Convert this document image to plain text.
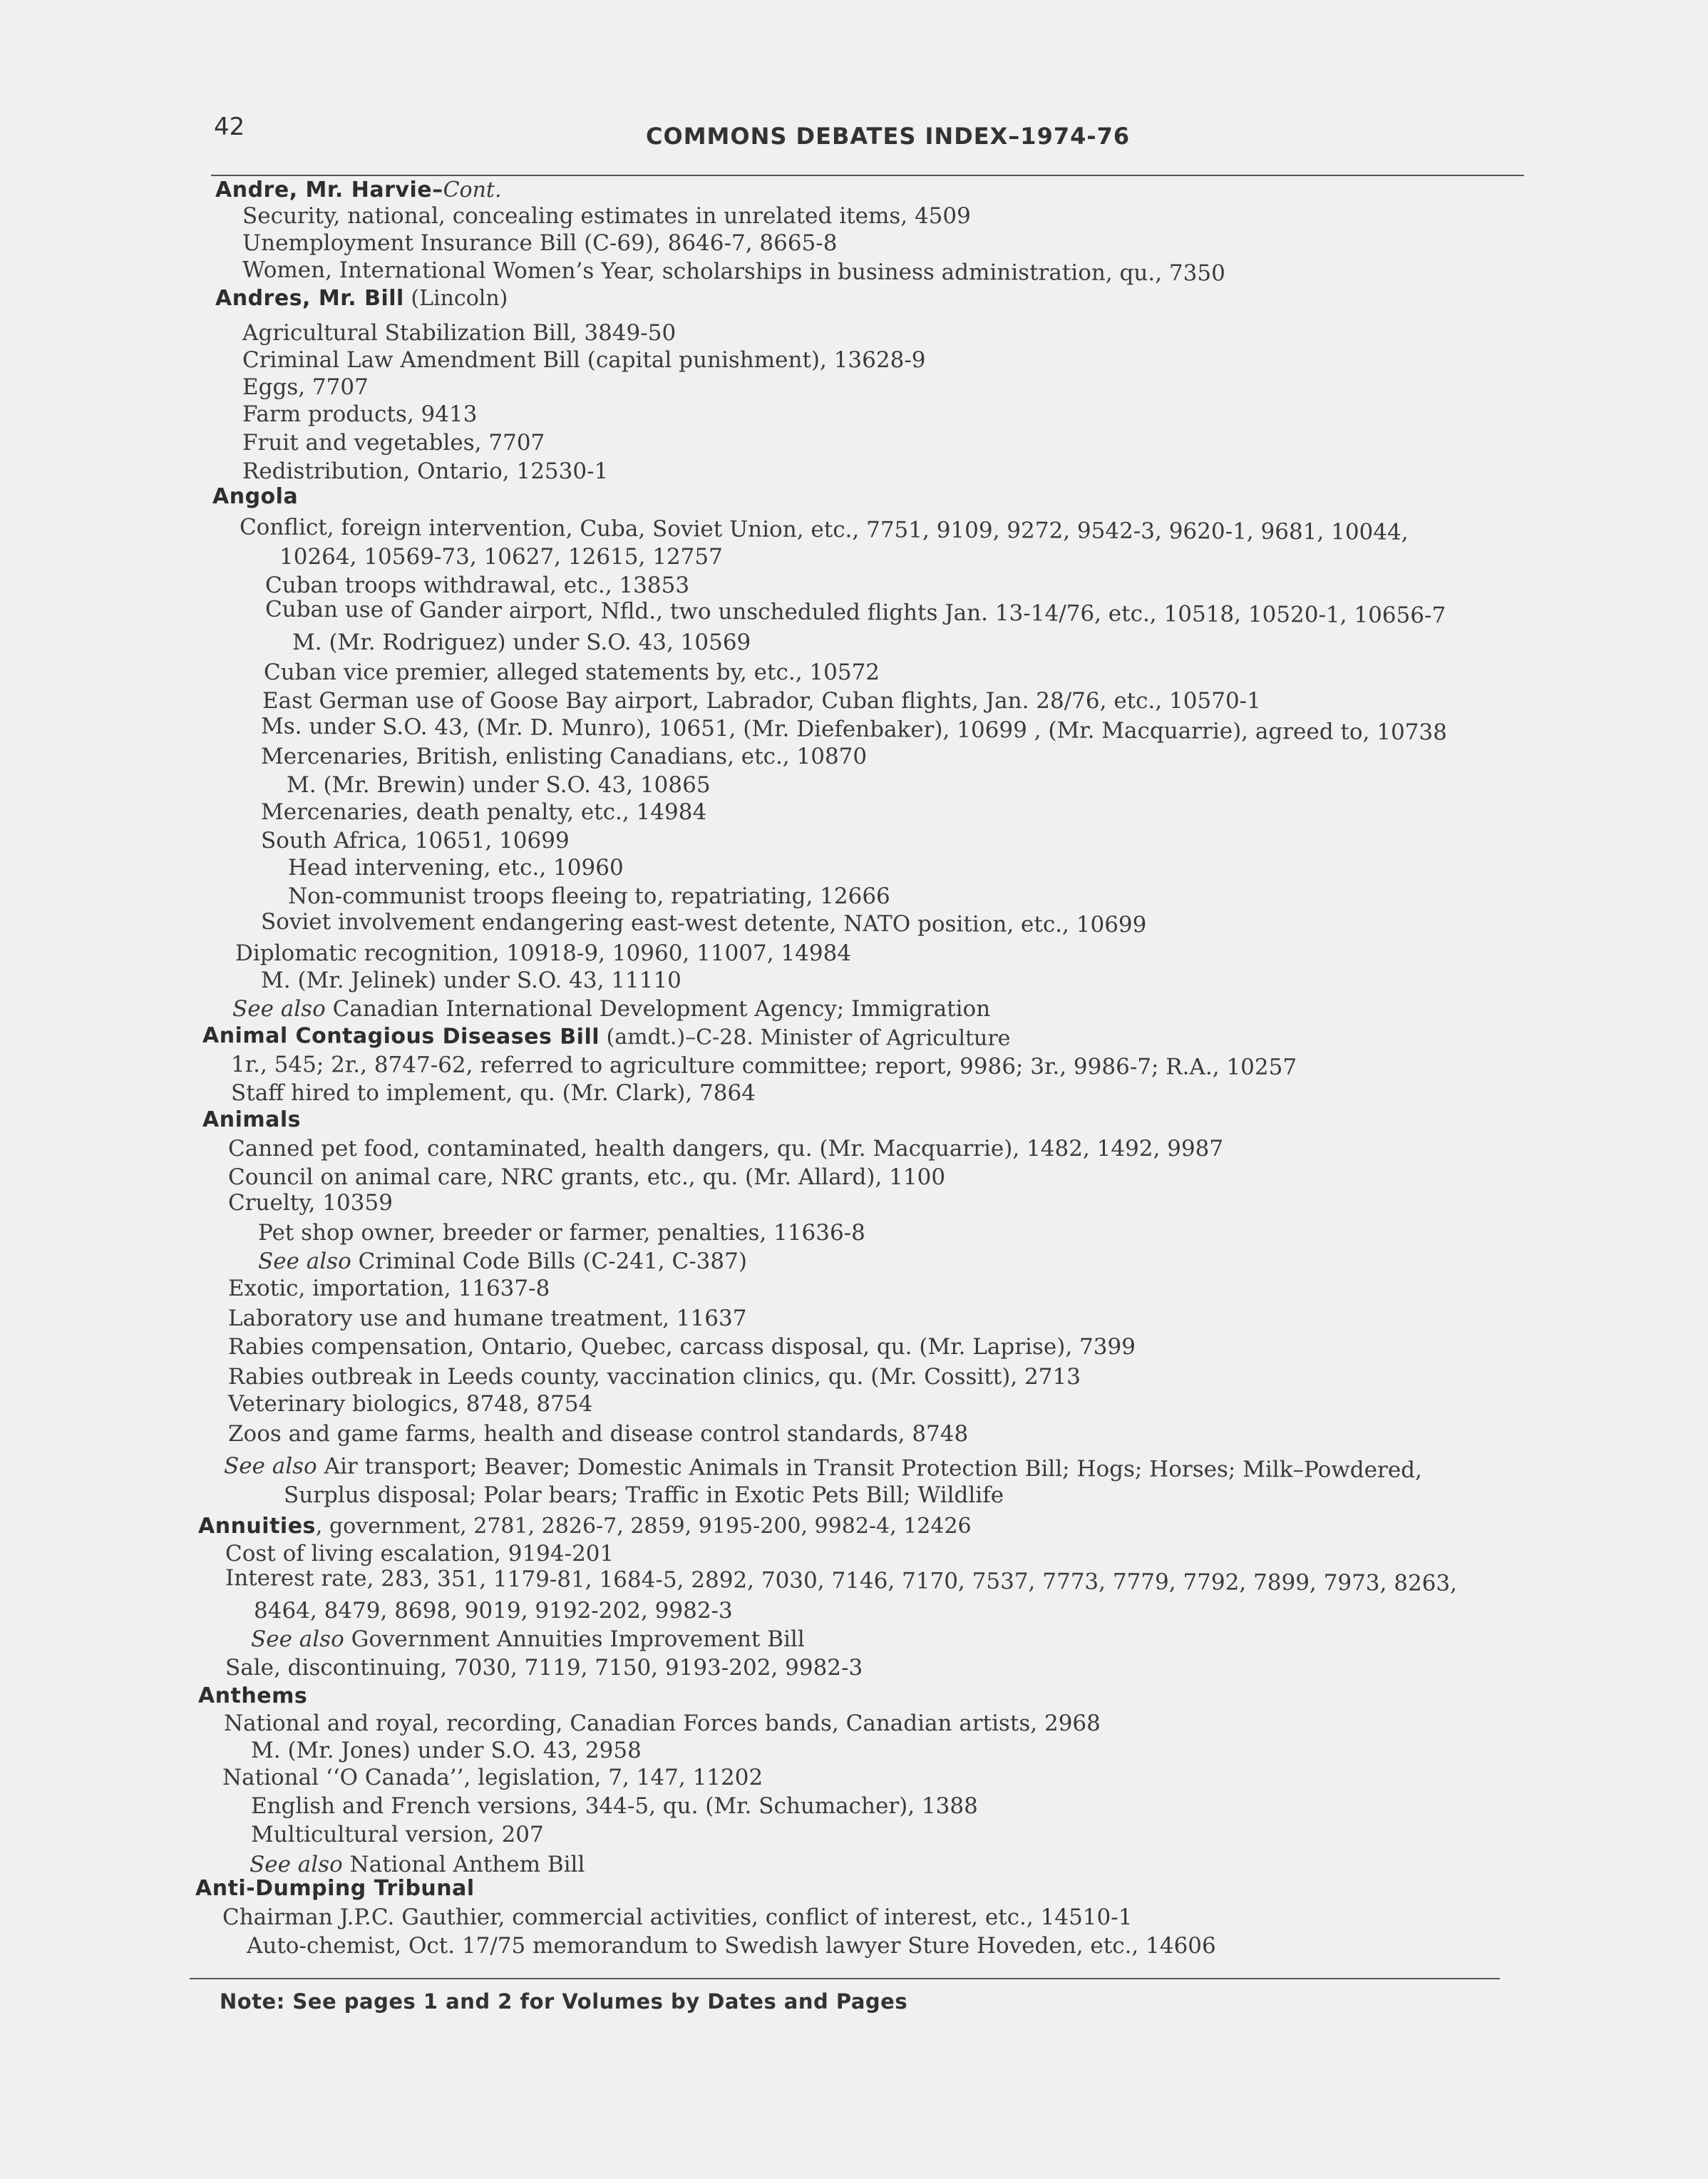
42	COMMONS DEBATES INDEX–1974-76
Andre, Mr. Harvie–Cont.
Security, national, concealing estimates in unrelated items, 4509
Unemployment Insurance Bill (C-69), 8646-7, 8665-8
Women, International Women’s Year, scholarships in business administration, qu., 7350
Andres, Mr. Bill (Lincoln)
Agricultural Stabilization Bill, 3849-50
Criminal Law Amendment Bill (capital punishment), 13628-9
Eggs, 7707
Farm products, 9413
Fruit and vegetables, 7707
Redistribution, Ontario, 12530-1
Angola
Conflict, foreign intervention, Cuba, Soviet Union, etc., 7751, 9109, 9272, 9542-3, 9620-1, 9681, 10044,
10264, 10569-73, 10627, 12615, 12757
Cuban troops withdrawal, etc., 13853
Cuban use of Gander airport, Nfld., two unscheduled flights Jan. 13-14/76, etc., 10518, 10520-1, 10656-7
M. (Mr. Rodriguez) under S.O. 43, 10569
Cuban vice premier, alleged statements by, etc., 10572
East German use of Goose Bay airport, Labrador, Cuban flights, Jan. 28/76, etc., 10570-1
Ms. under S.O. 43, (Mr. D. Munro), 10651, (Mr. Diefenbaker), 10699 , (Mr. Macquarrie), agreed to, 10738
Mercenaries, British, enlisting Canadians, etc., 10870
M. (Mr. Brewin) under S.O. 43, 10865
Mercenaries, death penalty, etc., 14984
South Africa, 10651, 10699
Head intervening, etc., 10960
Non-communist troops fleeing to, repatriating, 12666
Soviet involvement endangering east-west detente, NATO position, etc., 10699
Diplomatic recognition, 10918-9, 10960, 11007, 14984
M. (Mr. Jelinek) under S.O. 43, 11110
See also Canadian International Development Agency; Immigration
Animal Contagious Diseases Bill (amdt.)–C-28. Minister of Agriculture
1r., 545; 2r., 8747-62, referred to agriculture committee; report, 9986; 3r., 9986-7; R.A., 10257
Staff hired to implement, qu. (Mr. Clark), 7864
Animals
Canned pet food, contaminated, health dangers, qu. (Mr. Macquarrie), 1482, 1492, 9987
Council on animal care, NRC grants, etc., qu. (Mr. Allard), 1100
Cruelty, 10359
Pet shop owner, breeder or farmer, penalties, 11636-8
See also Criminal Code Bills (C-241, C-387)
Exotic, importation, 11637-8
Laboratory use and humane treatment, 11637
Rabies compensation, Ontario, Quebec, carcass disposal, qu. (Mr. Laprise), 7399
Rabies outbreak in Leeds county, vaccination clinics, qu. (Mr. Cossitt), 2713
Veterinary biologics, 8748, 8754
Zoos and game farms, health and disease control standards, 8748
See also Air transport; Beaver; Domestic Animals in Transit Protection Bill; Hogs; Horses; Milk–Powdered,
Surplus disposal; Polar bears; Traffic in Exotic Pets Bill; Wildlife
Annuities, government, 2781, 2826-7, 2859, 9195-200, 9982-4, 12426
Cost of living escalation, 9194-201
Interest rate, 283, 351, 1179-81, 1684-5, 2892, 7030, 7146, 7170, 7537, 7773, 7779, 7792, 7899, 7973, 8263,
8464, 8479, 8698, 9019, 9192-202, 9982-3
See also Government Annuities Improvement Bill
Sale, discontinuing, 7030, 7119, 7150, 9193-202, 9982-3
Anthems
National and royal, recording, Canadian Forces bands, Canadian artists, 2968
M. (Mr. Jones) under S.O. 43, 2958
National ‘‘O Canada’’, legislation, 7, 147, 11202
English and French versions, 344-5, qu. (Mr. Schumacher), 1388
Multicultural version, 207
See also National Anthem Bill
Anti-Dumping Tribunal
Chairman J.P.C. Gauthier, commercial activities, conflict of interest, etc., 14510-1
Auto-chemist, Oct. 17/75 memorandum to Swedish lawyer Sture Hoveden, etc., 14606
Note: See pages 1 and 2 for Volumes by Dates and Pages
